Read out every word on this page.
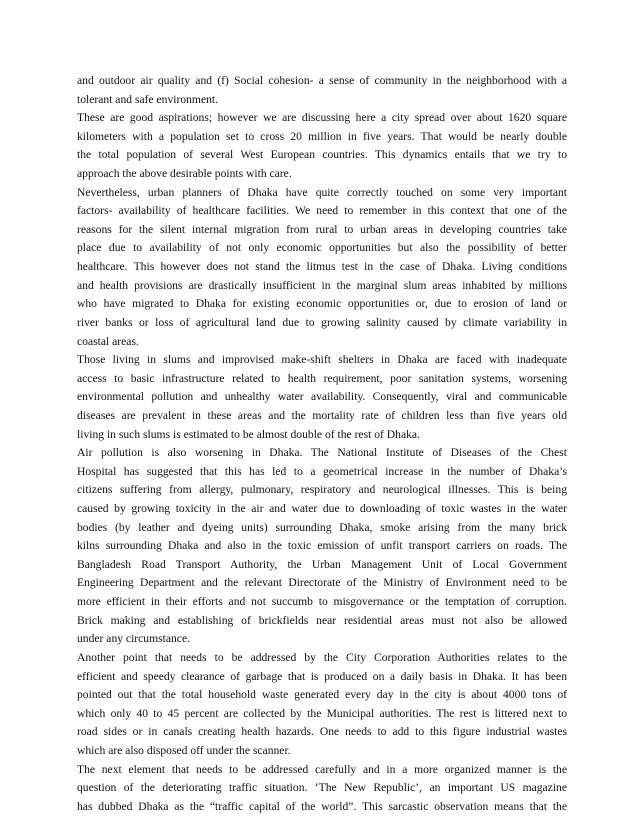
and outdoor air quality and (f) Social cohesion- a sense of community in the neighborhood with a
tolerant and safe environment.
These are good aspirations; however we are discussing here a city spread over about 1620 square
kilometers with a population set to cross 20 million in five years. That would be nearly double
the total population of several West European countries. This dynamics entails that we try to
approach the above desirable points with care.
Nevertheless, urban planners of Dhaka have quite correctly touched on some very important
factors- availability of healthcare facilities. We need to remember in this context that one of the
reasons for the silent internal migration from rural to urban areas in developing countries take
place due to availability of not only economic opportunities but also the possibility of better
healthcare. This however does not stand the litmus test in the case of Dhaka. Living conditions
and health provisions are drastically insufficient in the marginal slum areas inhabited by millions
who have migrated to Dhaka for existing economic opportunities or, due to erosion of land or
river banks or loss of agricultural land due to growing salinity caused by climate variability in
coastal areas.
Those living in slums and improvised make-shift shelters in Dhaka are faced with inadequate
access to basic infrastructure related to health requirement, poor sanitation systems, worsening
environmental pollution and unhealthy water availability. Consequently, viral and communicable
diseases are prevalent in these areas and the mortality rate of children less than five years old
living in such slums is estimated to be almost double of the rest of Dhaka.
Air pollution is also worsening in Dhaka. The National Institute of Diseases of the Chest
Hospital has suggested that this has led to a geometrical increase in the number of Dhaka’s
citizens suffering from allergy, pulmonary, respiratory and neurological illnesses. This is being
caused by growing toxicity in the air and water due to downloading of toxic wastes in the water
bodies (by leather and dyeing units) surrounding Dhaka, smoke arising from the many brick
kilns surrounding Dhaka and also in the toxic emission of unfit transport carriers on roads. The
Bangladesh Road Transport Authority, the Urban Management Unit of Local Government
Engineering Department and the relevant Directorate of the Ministry of Environment need to be
more efficient in their efforts and not succumb to misgovernance or the temptation of corruption.
Brick making and establishing of brickfields near residential areas must not also be allowed
under any circumstance.
Another point that needs to be addressed by the City Corporation Authorities relates to the
efficient and speedy clearance of garbage that is produced on a daily basis in Dhaka. It has been
pointed out that the total household waste generated every day in the city is about 4000 tons of
which only 40 to 45 percent are collected by the Municipal authorities. The rest is littered next to
road sides or in canals creating health hazards. One needs to add to this figure industrial wastes
which are also disposed off under the scanner.
The next element that needs to be addressed carefully and in a more organized manner is the
question of the deteriorating traffic situation. ‘The New Republic’, an important US magazine
has dubbed Dhaka as the “traffic capital of the world”. This sarcastic observation means that the
